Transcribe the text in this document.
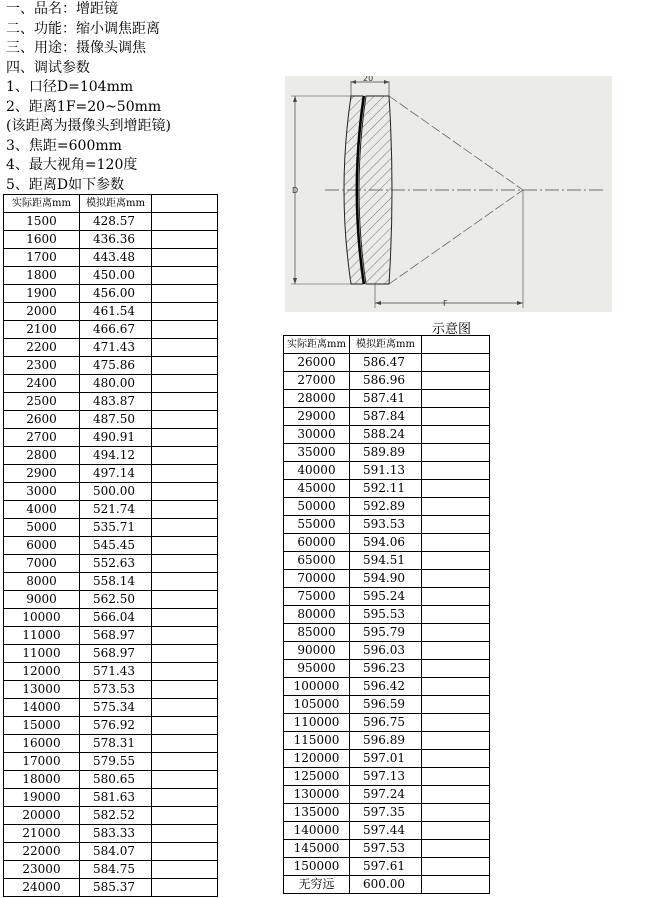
一、品名：增距镜
二、功能：缩小调焦距离
三、用途：摄像头调焦
四、调试参数
1、口径D=104mm
2、距离1F=20~50mm
(该距离为摄像头到增距镜)
3、焦距=600mm
4、最大视角=120度
5、距离D如下参数
20
D
F
示意图
实际距离mm	模拟距离mm	
1500	428.57	
1600	436.36	
1700	443.48	
1800	450.00	
1900	456.00	
2000	461.54	
2100	466.67	
2200	471.43	
2300	475.86	
2400	480.00	
2500	483.87	
2600	487.50	
2700	490.91	
2800	494.12	
2900	497.14	
3000	500.00	
4000	521.74	
5000	535.71	
6000	545.45	
7000	552.63	
8000	558.14	
9000	562.50	
10000	566.04	
11000	568.97	
11000	568.97	
12000	571.43	
13000	573.53	
14000	575.34	
15000	576.92	
16000	578.31	
17000	579.55	
18000	580.65	
19000	581.63	
20000	582.52	
21000	583.33	
22000	584.07	
23000	584.75	
24000	585.37	
实际距离mm	模拟距离mm	
26000	586.47	
27000	586.96	
28000	587.41	
29000	587.84	
30000	588.24	
35000	589.89	
40000	591.13	
45000	592.11	
50000	592.89	
55000	593.53	
60000	594.06	
65000	594.51	
70000	594.90	
75000	595.24	
80000	595.53	
85000	595.79	
90000	596.03	
95000	596.23	
100000	596.42	
105000	596.59	
110000	596.75	
115000	596.89	
120000	597.01	
125000	597.13	
130000	597.24	
135000	597.35	
140000	597.44	
145000	597.53	
150000	597.61	
无穷远	600.00	
